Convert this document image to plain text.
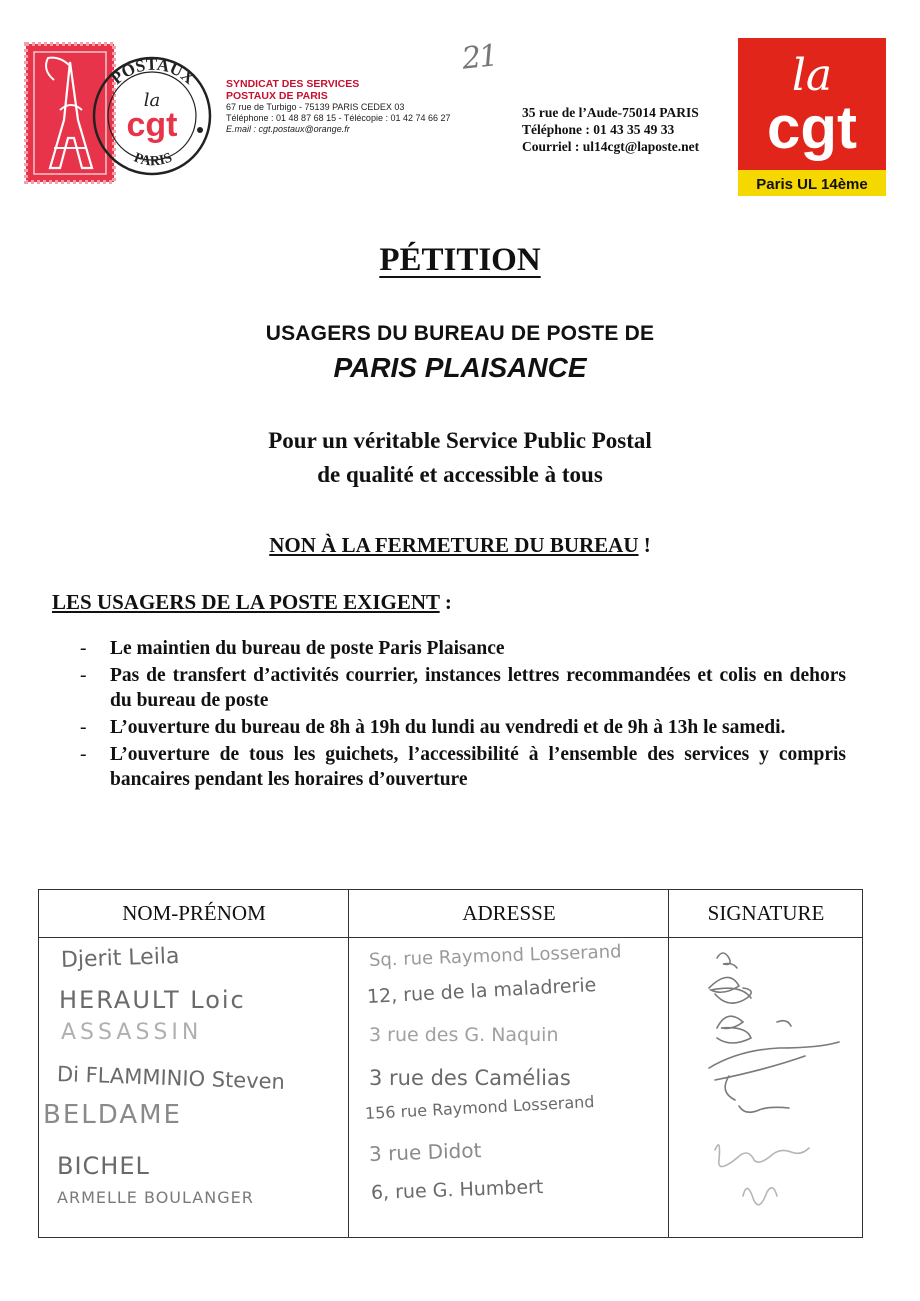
POSTAUX
PARIS
la
cgt
SYNDICAT DES SERVICES
POSTAUX DE PARIS
67 rue de Turbigo - 75139 PARIS CEDEX 03
Téléphone : 01 48 87 68 15 - Télécopie : 01 42 74 66 27
E.mail : cgt.postaux@orange.fr
21
35 rue de l’Aude-75014 PARIS
Téléphone : 01 43 35 49 33
Courriel : ul14cgt@laposte.net
la
cgt
Paris UL 14ème
PÉTITION
USAGERS DU BUREAU DE POSTE DE
PARIS PLAISANCE
Pour un véritable Service Public Postal
de qualité et accessible à tous
NON À LA FERMETURE DU BUREAU !
LES USAGERS DE LA POSTE EXIGENT :
- Le maintien du bureau de poste Paris Plaisance
- Pas de transfert d’activités courrier, instances lettres recommandées et colis en dehors du bureau de poste
- L’ouverture du bureau de 8h à 19h du lundi au vendredi et de 9h à 13h le samedi.
- L’ouverture de tous les guichets, l’accessibilité à l’ensemble des services y compris bancaires pendant les horaires d’ouverture
NOM-PRÉNOM	ADRESSE	SIGNATURE
Djerit Leila
HERAULT Loic
ASSASSIN
Di FLAMMINIO Steven
BELDAME
BICHEL
ARMELLE BOULANGER
Sq. rue Raymond Losserand
12, rue de la maladrerie
3 rue des G. Naquin
3 rue des Camélias
156 rue Raymond Losserand
3 rue Didot
6, rue G. Humbert
